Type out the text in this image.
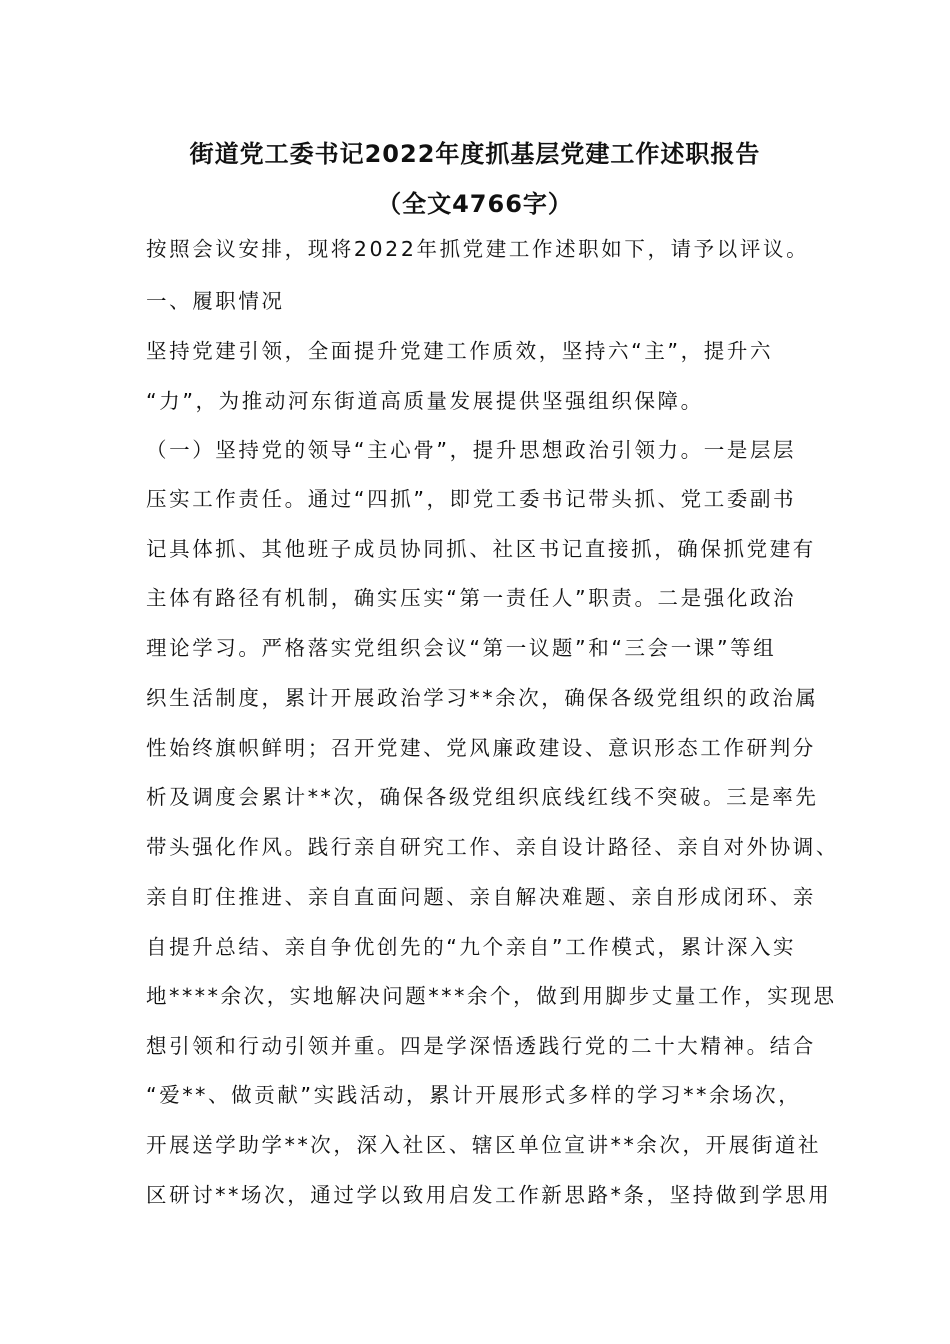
街道党工委书记2022年度抓基层党建工作述职报告
（全文4766字）
按照会议安排，现将2022年抓党建工作述职如下，请予以评议。
一、履职情况
坚持党建引领，全面提升党建工作质效，坚持六“主”，提升六
“力”，为推动河东街道高质量发展提供坚强组织保障。
（一）坚持党的领导“主心骨”，提升思想政治引领力。一是层层
压实工作责任。通过“四抓”，即党工委书记带头抓、党工委副书
记具体抓、其他班子成员协同抓、社区书记直接抓，确保抓党建有
主体有路径有机制，确实压实“第一责任人”职责。二是强化政治
理论学习。严格落实党组织会议“第一议题”和“三会一课”等组
织生活制度，累计开展政治学习**余次，确保各级党组织的政治属
性始终旗帜鲜明；召开党建、党风廉政建设、意识形态工作研判分
析及调度会累计**次，确保各级党组织底线红线不突破。三是率先
带头强化作风。践行亲自研究工作、亲自设计路径、亲自对外协调、
亲自盯住推进、亲自直面问题、亲自解决难题、亲自形成闭环、亲
自提升总结、亲自争优创先的“九个亲自”工作模式，累计深入实
地****余次，实地解决问题***余个，做到用脚步丈量工作，实现思
想引领和行动引领并重。四是学深悟透践行党的二十大精神。结合
“爱**、做贡献”实践活动，累计开展形式多样的学习**余场次，
开展送学助学**次，深入社区、辖区单位宣讲**余次，开展街道社
区研讨**场次，通过学以致用启发工作新思路*条，坚持做到学思用
